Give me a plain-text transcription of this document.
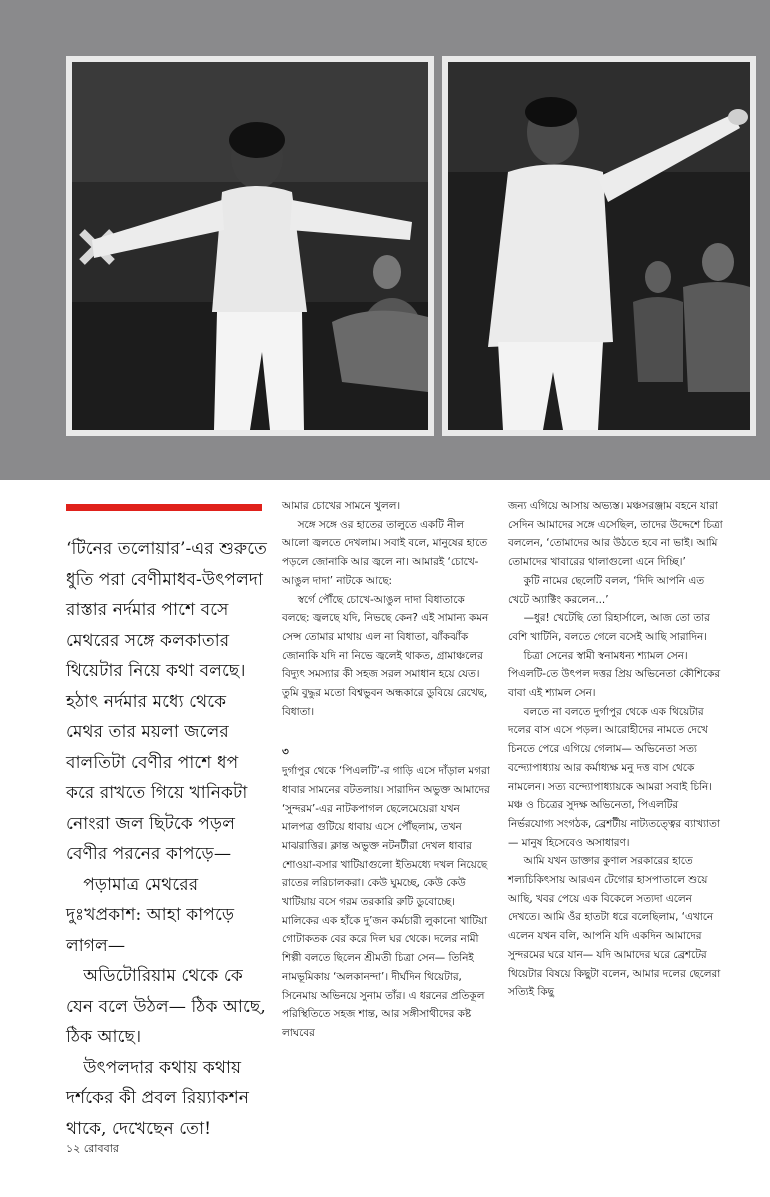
‘টিনের তলোয়ার’-এর শুরুতে ধুতি পরা বেণীমাধব-উৎপলদা রাস্তার নর্দমার পাশে বসে মেথরের সঙ্গে কলকাতার থিয়েটার নিয়ে কথা বলছে। হঠাৎ নর্দমার মধ্যে থেকে মেথর তার ময়লা জলের বালতিটা বেণীর পাশে ধপ করে রাখতে গিয়ে খানিকটা নোংরা জল ছিটকে পড়ল বেণীর পরনের কাপড়ে—

পড়ামাত্র মেথরের দুঃখপ্রকাশ: আহা কাপড়ে লাগল—

অডিটোরিয়াম থেকে কে যেন বলে উঠল— ঠিক আছে, ঠিক আছে।

উৎপলদার কথায় কথায় দর্শকের কী প্রবল রিয়্যাকশন থাকে, দেখেছেন তো!

আমার চোখের সামনে খুলল।

সঙ্গে সঙ্গে ওর হাতের তালুতে একটি নীল আলো জ্বলতে দেখলাম। সবাই বলে, মানুষের হাতে পড়লে জোনাকি আর জ্বলে না। আমারই ‘চোখে-আঙুল দাদা’ নাটকে আছে:

স্বর্গে পৌঁছে চোখে-আঙুল দাদা বিধাতাকে বলছে: জ্বলছে যদি, নিভছে কেন? এই সামান্য কমন সেন্স তোমার মাথায় এল না বিধাতা, ঝাঁকঝাঁক জোনাকি যদি না নিভে জ্বলেই থাকত, গ্রামাঞ্চলের বিদ্যুৎ সমস্যার কী সহজ সরল সমাধান হয়ে যেত। তুমি বুদ্ধুর মতো বিশ্বভুবন অন্ধকারে ডুবিয়ে রেখেছ, বিধাতা।

৩

দুর্গাপুর থেকে ‘পিএলটি’-র গাড়ি এসে দাঁড়াল মগরা ধাবার সামনের বটতলায়। সারাদিন অভুক্ত আমাদের ‘সুন্দরম’-এর নাটকপাগল ছেলেমেয়েরা যখন মালপত্র গুটিয়ে ধাবায় এসে পৌঁছলাম, তখন মাঝরাত্তির। ক্লান্ত অভুক্ত নটনটীরা দেখল ধাবার শোওয়া-বসার খাটিয়াগুলো ইতিমধ্যে দখল নিয়েছে রাতের লরিচালকরা। কেউ ঘুমচ্ছে, কেউ কেউ খাটিয়ায় বসে গরম তরকারি রুটি ডুবোচ্ছে। মালিকের এক হাঁকে দু’জন কর্মচারী লুকানো খাটিয়া গোটাকতক বের করে দিল ঘর থেকে। দলের নামী শিল্পী বলতে ছিলেন শ্রীমতী চিত্রা সেন— তিনিই নামভূমিকায় ‘অলকানন্দা’। দীর্ঘদিন থিয়েটার, সিনেমায় অভিনয়ে সুনাম তাঁর। এ ধরনের প্রতিকূল পরিস্থিতিতে সহজ শান্ত, আর সঙ্গীসাথীদের কষ্ট লাঘবের

জন্য এগিয়ে আসায় অভ্যস্ত। মঞ্চসরঞ্জাম বহনে যারা সেদিন আমাদের সঙ্গে এসেছিল, তাদের উদ্দেশে চিত্রা বললেন, ‘তোমাদের আর উঠতে হবে না ভাই। আমি তোমাদের খাবারের থালাগুলো এনে দিচ্ছি।’

কুটি নামের ছেলেটি বলল, ‘দিদি আপনি এত খেটে অ্যাক্টিং করলেন...’

—ধুর! খেটেছি তো রিহার্সালে, আজ তো তার বেশি খাটিনি, বলতে গেলে বসেই আছি সারাদিন।

চিত্রা সেনের স্বামী স্বনামধন্য শ্যামল সেন। পিএলটি-তে উৎপল দত্তর প্রিয় অভিনেতা কৌশিকের বাবা এই শ্যামল সেন।

বলতে না বলতে দুর্গাপুর থেকে এক থিয়েটার দলের বাস এসে পড়ল। আরোহীদের নামতে দেখে চিনতে পেরে এগিয়ে গেলাম— অভিনেতা সত্য বন্দ্যোপাধ্যায় আর কর্মাধ্যক্ষ মনু দত্ত বাস থেকে নামলেন। সত্য বন্দ্যোপাধ্যায়কে আমরা সবাই চিনি। মঞ্চ ও চিত্রের সুদক্ষ অভিনেতা, পিএলটির নির্ভরযোগ্য সংগঠক, ব্রেশটীয় নাট্যতত্ত্বের ব্যাখ্যাতা— মানুষ হিসেবেও অসাধারণ।

আমি যখন ডাক্তার কুণাল সরকারের হাতে শল্যচিকিৎসায় আরএন টেগোর হাসপাতালে শুয়ে আছি, খবর পেয়ে এক বিকেলে সত্যদা এলেন দেখতে। আমি ওঁর হাতটা ধরে বলেছিলাম, ‘এখানে এলেন যখন বলি, আপনি যদি একদিন আমাদের সুন্দরমের ঘরে যান— যদি আমাদের ঘরে ব্রেশটের থিয়েটার বিষয়ে কিছুটা বলেন, আমার দলের ছেলেরা সত্যিই কিছু

১২ রোববার
